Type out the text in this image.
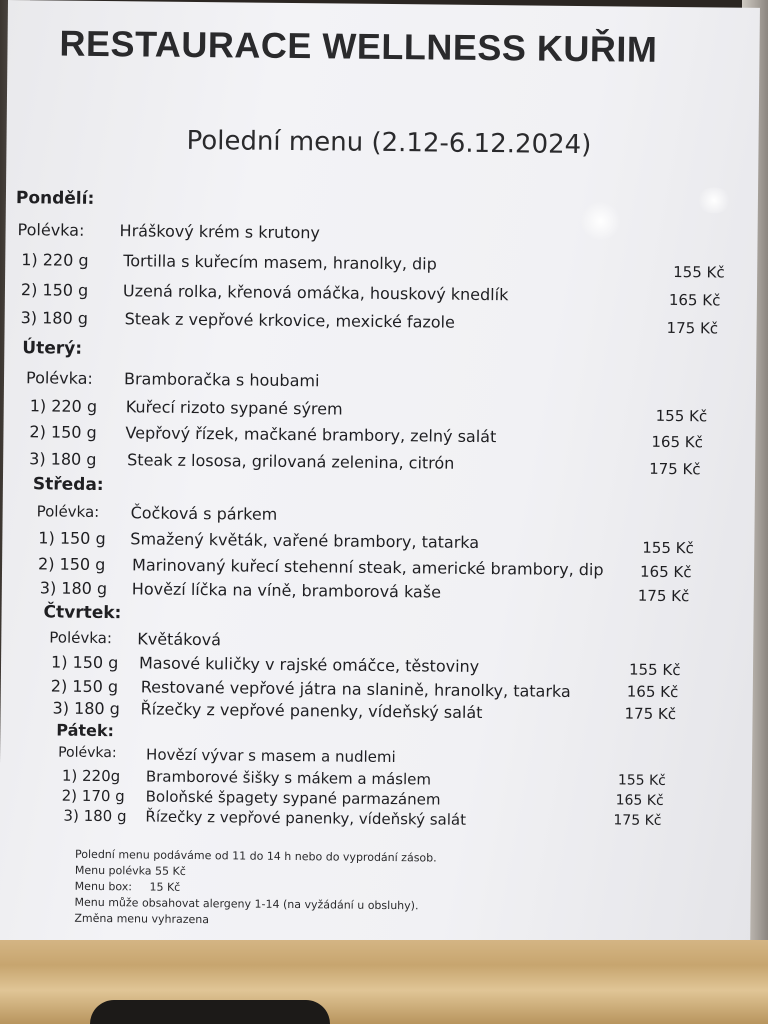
RESTAURACE WELLNESS KUŘIM
Polední menu (2.12-6.12.2024)
Pondělí:
Polévka: Hráškový krém s krutony
1) 220 g Tortilla s kuřecím masem, hranolky, dip	155 Kč
2) 150 g Uzená rolka, křenová omáčka, houskový knedlík	165 Kč
3) 180 g Steak z vepřové krkovice, mexické fazole	175 Kč
Úterý:
Polévka: Bramboračka s houbami
1) 220 g Kuřecí rizoto sypané sýrem	155 Kč
2) 150 g Vepřový řízek, mačkané brambory, zelný salát	165 Kč
3) 180 g Steak z lososa, grilovaná zelenina, citrón	175 Kč
Středa:
Polévka: Čočková s párkem
1) 150 g Smažený květák, vařené brambory, tatarka	155 Kč
2) 150 g Marinovaný kuřecí stehenní steak, americké brambory, dip 165 Kč
3) 180 g Hovězí líčka na víně, bramborová kaše	175 Kč
Čtvrtek:
Polévka: Květáková
1) 150 g Masové kuličky v rajské omáčce, těstoviny	155 Kč
2) 150 g Restované vepřové játra na slanině, hranolky, tatarka	165 Kč
3) 180 g Řízečky z vepřové panenky, vídeňský salát	175 Kč
Pátek:
Polévka: Hovězí vývar s masem a nudlemi
1) 220g Bramborové šišky s mákem a máslem	155 Kč
2) 170 g Boloňské špagety sypané parmazánem	165 Kč
3) 180 g Řízečky z vepřové panenky, vídeňský salát	175 Kč
Polední menu podáváme od 11 do 14 h nebo do vyprodání zásob.
Menu polévka 55 Kč
Menu box:     15 Kč
Menu může obsahovat alergeny 1-14 (na vyžádání u obsluhy).
Změna menu vyhrazena
